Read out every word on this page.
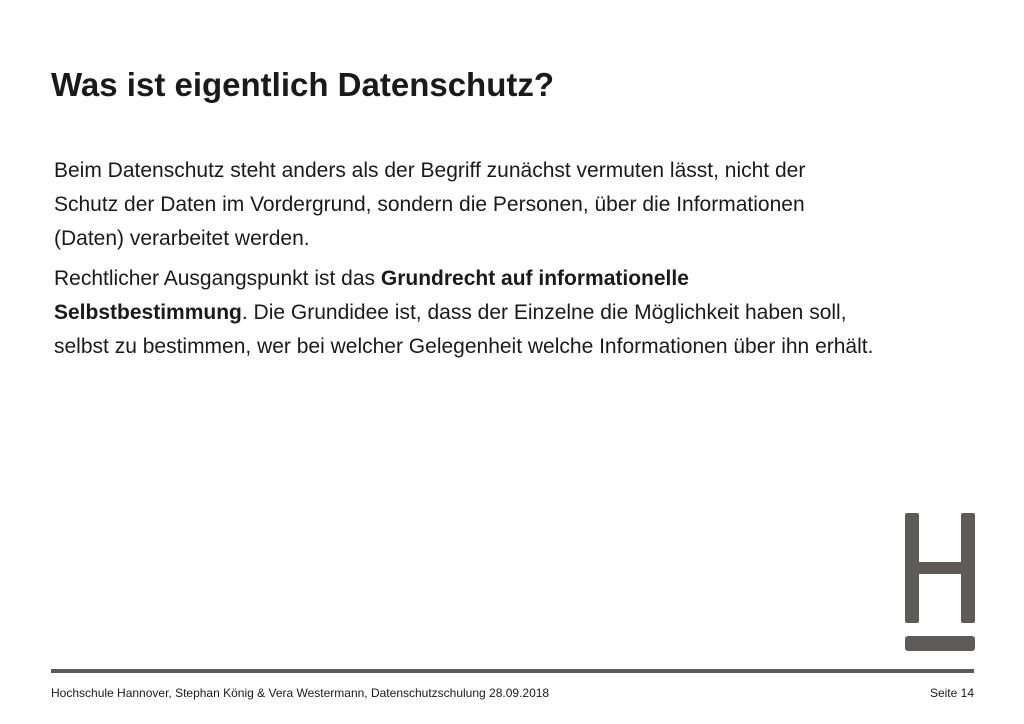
Was ist eigentlich Datenschutz?

Beim Datenschutz steht anders als der Begriff zunächst vermuten lässt, nicht der Schutz der Daten im Vordergrund, sondern die Personen, über die Informationen (Daten) verarbeitet werden.

Rechtlicher Ausgangspunkt ist das Grundrecht auf informationelle Selbstbestimmung. Die Grundidee ist, dass der Einzelne die Möglichkeit haben soll, selbst zu bestimmen, wer bei welcher Gelegenheit welche Informationen über ihn erhält.

Hochschule Hannover, Stephan König & Vera Westermann, Datenschutzschulung 28.09.2018	Seite 14
